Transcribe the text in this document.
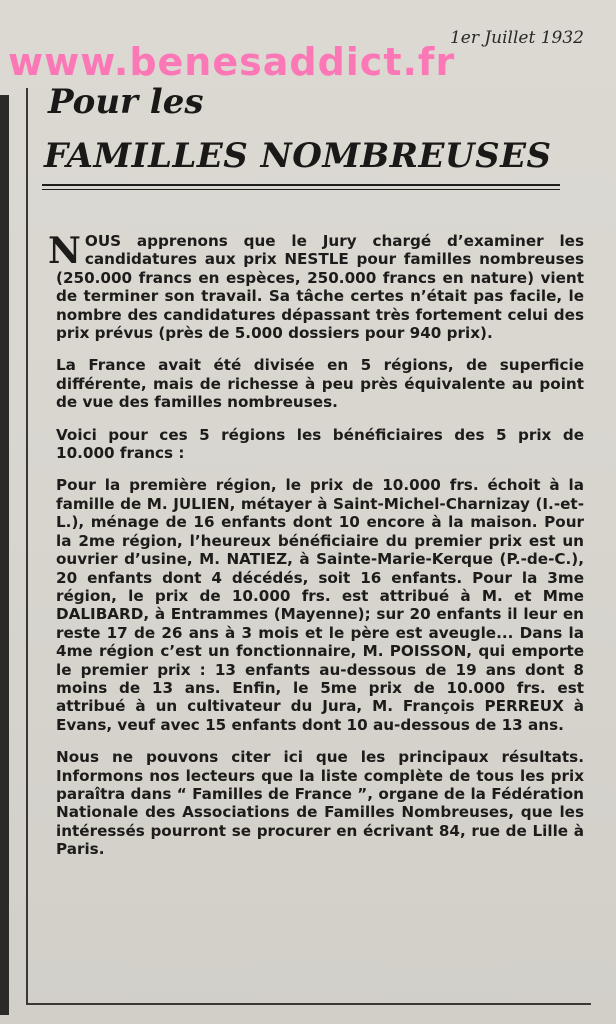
1er Juillet 1932
www.benesaddict.fr
Pour les
FAMILLES NOMBREUSES

NOUS apprenons que le Jury chargé d’examiner les candidatures aux prix NESTLE pour familles nombreuses (250.000 francs en espèces, 250.000 francs en nature) vient de terminer son travail. Sa tâche certes n’était pas facile, le nombre des candidatures dépassant très fortement celui des prix prévus (près de 5.000 dossiers pour 940 prix).

La France avait été divisée en 5 régions, de superficie différente, mais de richesse à peu près équivalente au point de vue des familles nombreuses.

Voici pour ces 5 régions les bénéficiaires des 5 prix de 10.000 francs :

Pour la première région, le prix de 10.000 frs. échoit à la famille de M. JULIEN, métayer à Saint-Michel-Charnizay (I.-et-L.), ménage de 16 enfants dont 10 encore à la maison. Pour la 2me région, l’heureux bénéficiaire du premier prix est un ouvrier d’usine, M. NATIEZ, à Sainte-Marie-Kerque (P.-de-C.), 20 enfants dont 4 décédés, soit 16 enfants. Pour la 3me région, le prix de 10.000 frs. est attribué à M. et Mme DALIBARD, à Entrammes (Mayenne); sur 20 enfants il leur en reste 17 de 26 ans à 3 mois et le père est aveugle... Dans la 4me région c’est un fonctionnaire, M. POISSON, qui emporte le premier prix : 13 enfants au-dessous de 19 ans dont 8 moins de 13 ans. Enfin, le 5me prix de 10.000 frs. est attribué à un cultivateur du Jura, M. François PERREUX à Evans, veuf avec 15 enfants dont 10 au-dessous de 13 ans.

Nous ne pouvons citer ici que les principaux résultats. Informons nos lecteurs que la liste complète de tous les prix paraîtra dans “ Familles de France ”, organe de la Fédération Nationale des Associations de Familles Nombreuses, que les intéressés pourront se procurer en écrivant 84, rue de Lille à Paris.
